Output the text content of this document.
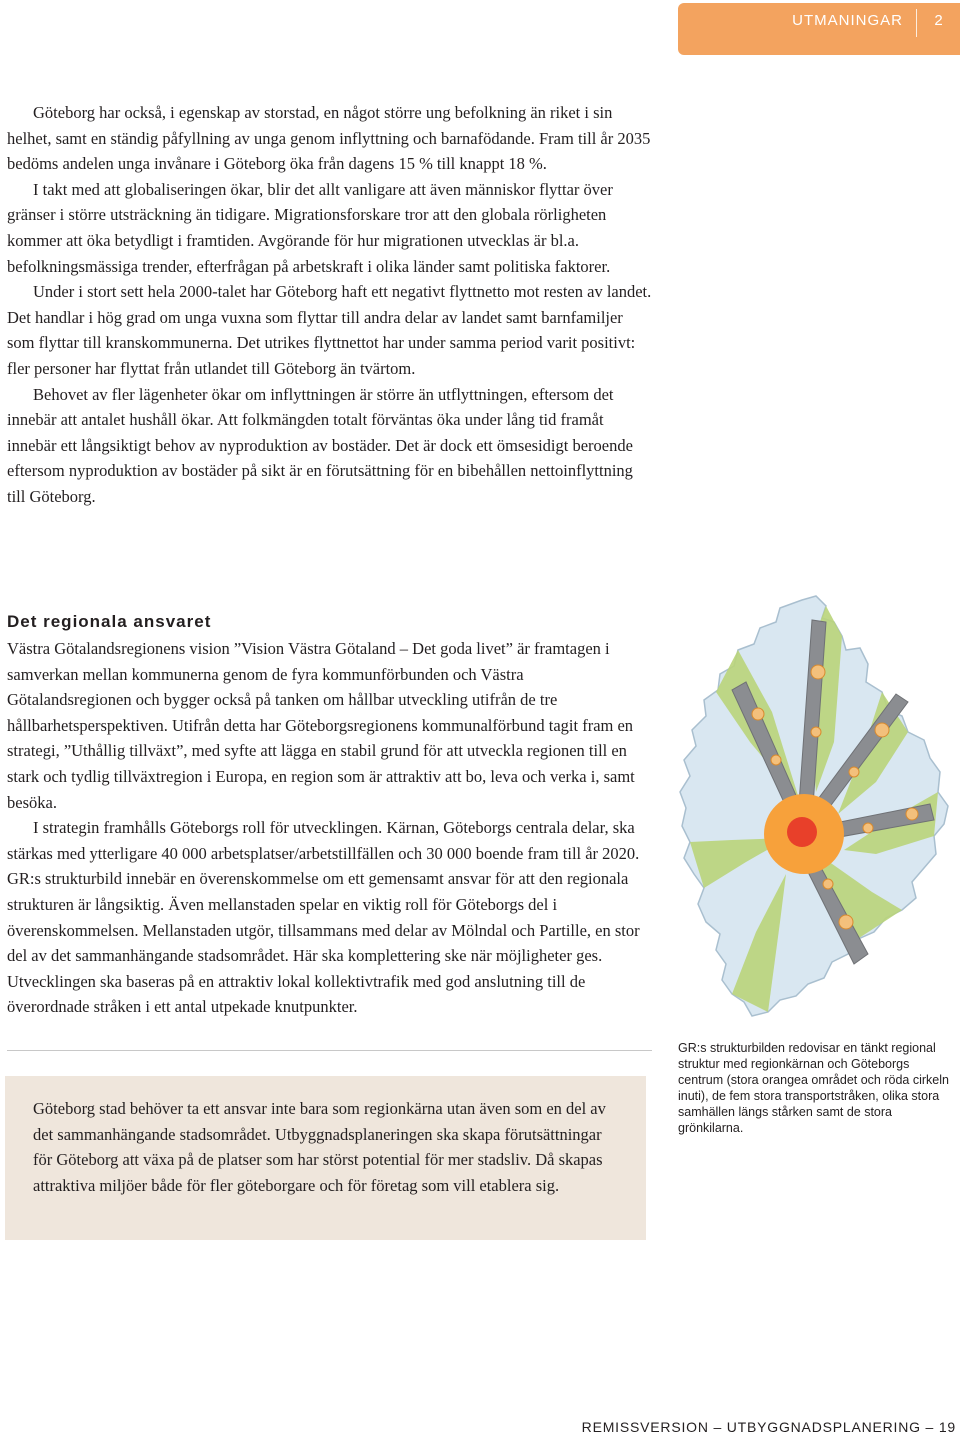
UTMANINGAR	2

Göteborg har också, i egenskap av storstad, en något större ung befolkning än riket i sin helhet, samt en ständig påfyllning av unga genom inflyttning och barnafödande. Fram till år 2035 bedöms andelen unga invånare i Göteborg öka från dagens 15 % till knappt 18 %.

I takt med att globaliseringen ökar, blir det allt vanligare att även människor flyttar över gränser i större utsträckning än tidigare. Migrationsforskare tror att den globala rörligheten kommer att öka betydligt i framtiden. Avgörande för hur migrationen utvecklas är bl.a. befolkningsmässiga trender, efterfrågan på arbetskraft i olika länder samt politiska faktorer.

Under i stort sett hela 2000-talet har Göteborg haft ett negativt flyttnetto mot resten av landet. Det handlar i hög grad om unga vuxna som flyttar till andra delar av landet samt barnfamiljer som flyttar till kranskommunerna. Det utrikes flyttnettot har under samma period varit positivt: fler personer har flyttat från utlandet till Göteborg än tvärtom.

Behovet av fler lägenheter ökar om inflyttningen är större än utflyttningen, eftersom det innebär att antalet hushåll ökar. Att folkmängden totalt förväntas öka under lång tid framåt innebär ett långsiktigt behov av nyproduktion av bostäder. Det är dock ett ömsesidigt beroende eftersom nyproduktion av bostäder på sikt är en förutsättning för en bibehållen nettoinflyttning till Göteborg.

Det regionala ansvaret

Västra Götalandsregionens vision ”Vision Västra Götaland – Det goda livet” är framtagen i samverkan mellan kommunerna genom de fyra kommunförbunden och Västra Götalandsregionen och bygger också på tanken om hållbar utveckling utifrån de tre hållbarhetsperspektiven. Utifrån detta har Göteborgsregionens kommunalförbund tagit fram en strategi, ”Uthållig tillväxt”, med syfte att lägga en stabil grund för att utveckla regionen till en stark och tydlig tillväxtregion i Europa, en region som är attraktiv att bo, leva och verka i, samt besöka.

I strategin framhålls Göteborgs roll för utvecklingen. Kärnan, Göteborgs centrala delar, ska stärkas med ytterligare 40 000 arbetsplatser/arbetstillfällen och 30 000 boende fram till år 2020. GR:s strukturbild innebär en överenskommelse om ett gemensamt ansvar för att den regionala strukturen är långsiktig. Även mellanstaden spelar en viktig roll för Göteborgs del i överenskommelsen. Mellanstaden utgör, tillsammans med delar av Mölndal och Partille, en stor del av det sammanhängande stadsområdet. Här ska komplettering ske när möjligheter ges. Utvecklingen ska baseras på en attraktiv lokal kollektivtrafik med god anslutning till de överordnade stråken i ett antal utpekade knutpunkter.

Göteborg stad behöver ta ett ansvar inte bara som regionkärna utan även som en del av det sammanhängande stadsområdet. Utbyggnadsplaneringen ska skapa förutsättningar för Göteborg att växa på de platser som har störst potential för mer stadsliv. Då skapas attraktiva miljöer både för fler göteborgare och för företag som vill etablera sig.
GR:s strukturbilden redovisar en tänkt regional struktur med regionkärnan och Göteborgs centrum (stora orangea området och röda cirkeln inuti), de fem stora transportstråken, olika stora samhällen längs stårken samt de stora grönkilarna.
REMISSVERSION – UTBYGGNADSPLANERING – 19
